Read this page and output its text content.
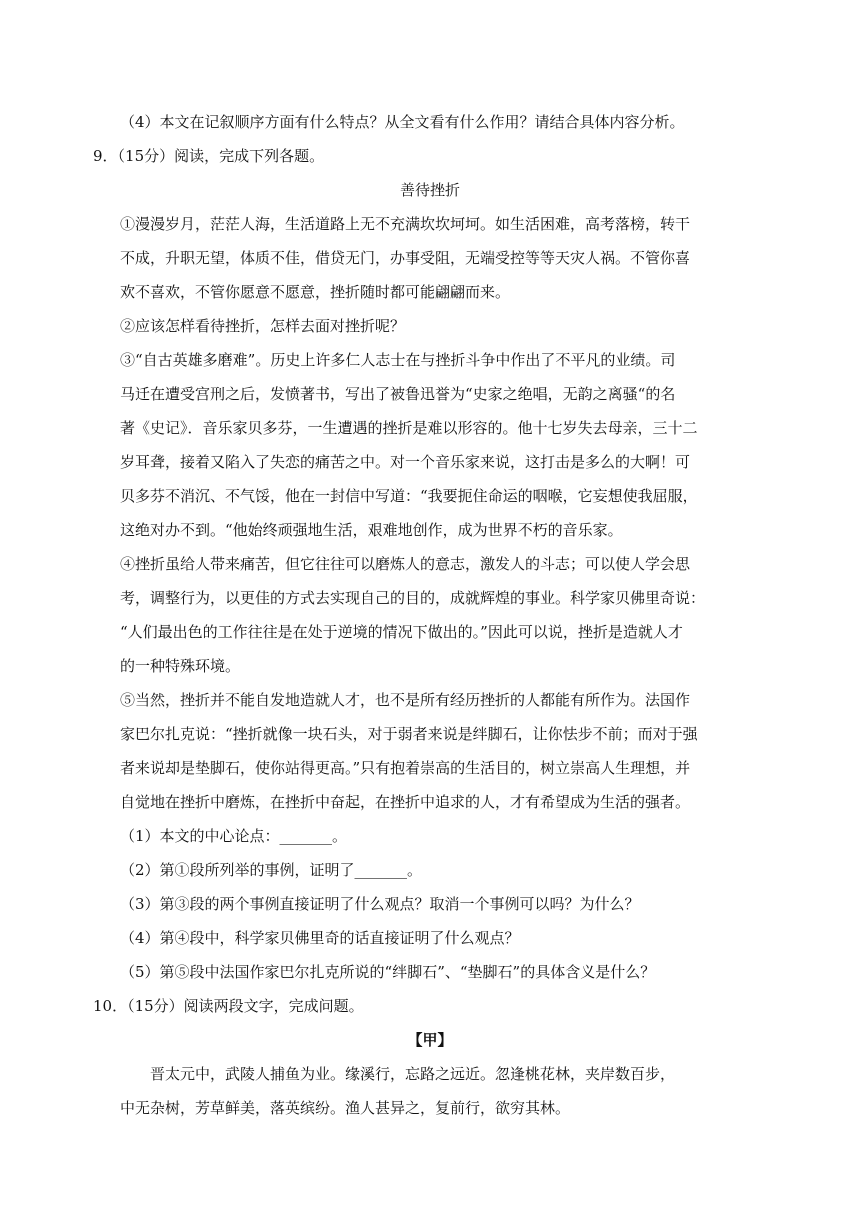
（4）本文在记叙顺序方面有什么特点？从全文看有什么作用？请结合具体内容分析。
9．（15分）阅读，完成下列各题。
善待挫折
①漫漫岁月，茫茫人海，生活道路上无不充满坎坎坷坷。如生活困难，高考落榜，转干
不成，升职无望，体质不佳，借贷无门，办事受阻，无端受控等等天灾人祸。不管你喜
欢不喜欢，不管你愿意不愿意，挫折随时都可能翩翩而来。
②应该怎样看待挫折，怎样去面对挫折呢？
③“自古英雄多磨难”。历史上许多仁人志士在与挫折斗争中作出了不平凡的业绩。司
马迁在遭受宫刑之后，发愤著书，写出了被鲁迅誉为“史家之绝唱，无韵之离骚“的名
著《史记》．音乐家贝多芬，一生遭遇的挫折是难以形容的。他十七岁失去母亲，三十二
岁耳聋，接着又陷入了失恋的痛苦之中。对一个音乐家来说，这打击是多么的大啊！可
贝多芬不消沉、不气馁，他在一封信中写道：“我要扼住命运的咽喉，它妄想使我屈服，
这绝对办不到。“他始终顽强地生活，艰难地创作，成为世界不朽的音乐家。
④挫折虽给人带来痛苦，但它往往可以磨炼人的意志，激发人的斗志；可以使人学会思
考，调整行为，以更佳的方式去实现自己的目的，成就辉煌的事业。科学家贝佛里奇说：
“人们最出色的工作往往是在处于逆境的情况下做出的。”因此可以说，挫折是造就人才
的一种特殊环境。
⑤当然，挫折并不能自发地造就人才，也不是所有经历挫折的人都能有所作为。法国作
家巴尔扎克说：“挫折就像一块石头，对于弱者来说是绊脚石，让你怯步不前；而对于强
者来说却是垫脚石，使你站得更高。”只有抱着崇高的生活目的，树立崇高人生理想，并
自觉地在挫折中磨炼，在挫折中奋起，在挫折中追求的人，才有希望成为生活的强者。
（1）本文的中心论点：_______。
（2）第①段所列举的事例，证明了_______。
（3）第③段的两个事例直接证明了什么观点？取消一个事例可以吗？为什么？
（4）第④段中，科学家贝佛里奇的话直接证明了什么观点？
（5）第⑤段中法国作家巴尔扎克所说的“绊脚石”、“垫脚石”的具体含义是什么？
10．（15分）阅读两段文字，完成问题。
【甲】
晋太元中，武陵人捕鱼为业。缘溪行，忘路之远近。忽逢桃花林，夹岸数百步，
中无杂树，芳草鲜美，落英缤纷。渔人甚异之，复前行，欲穷其林。
